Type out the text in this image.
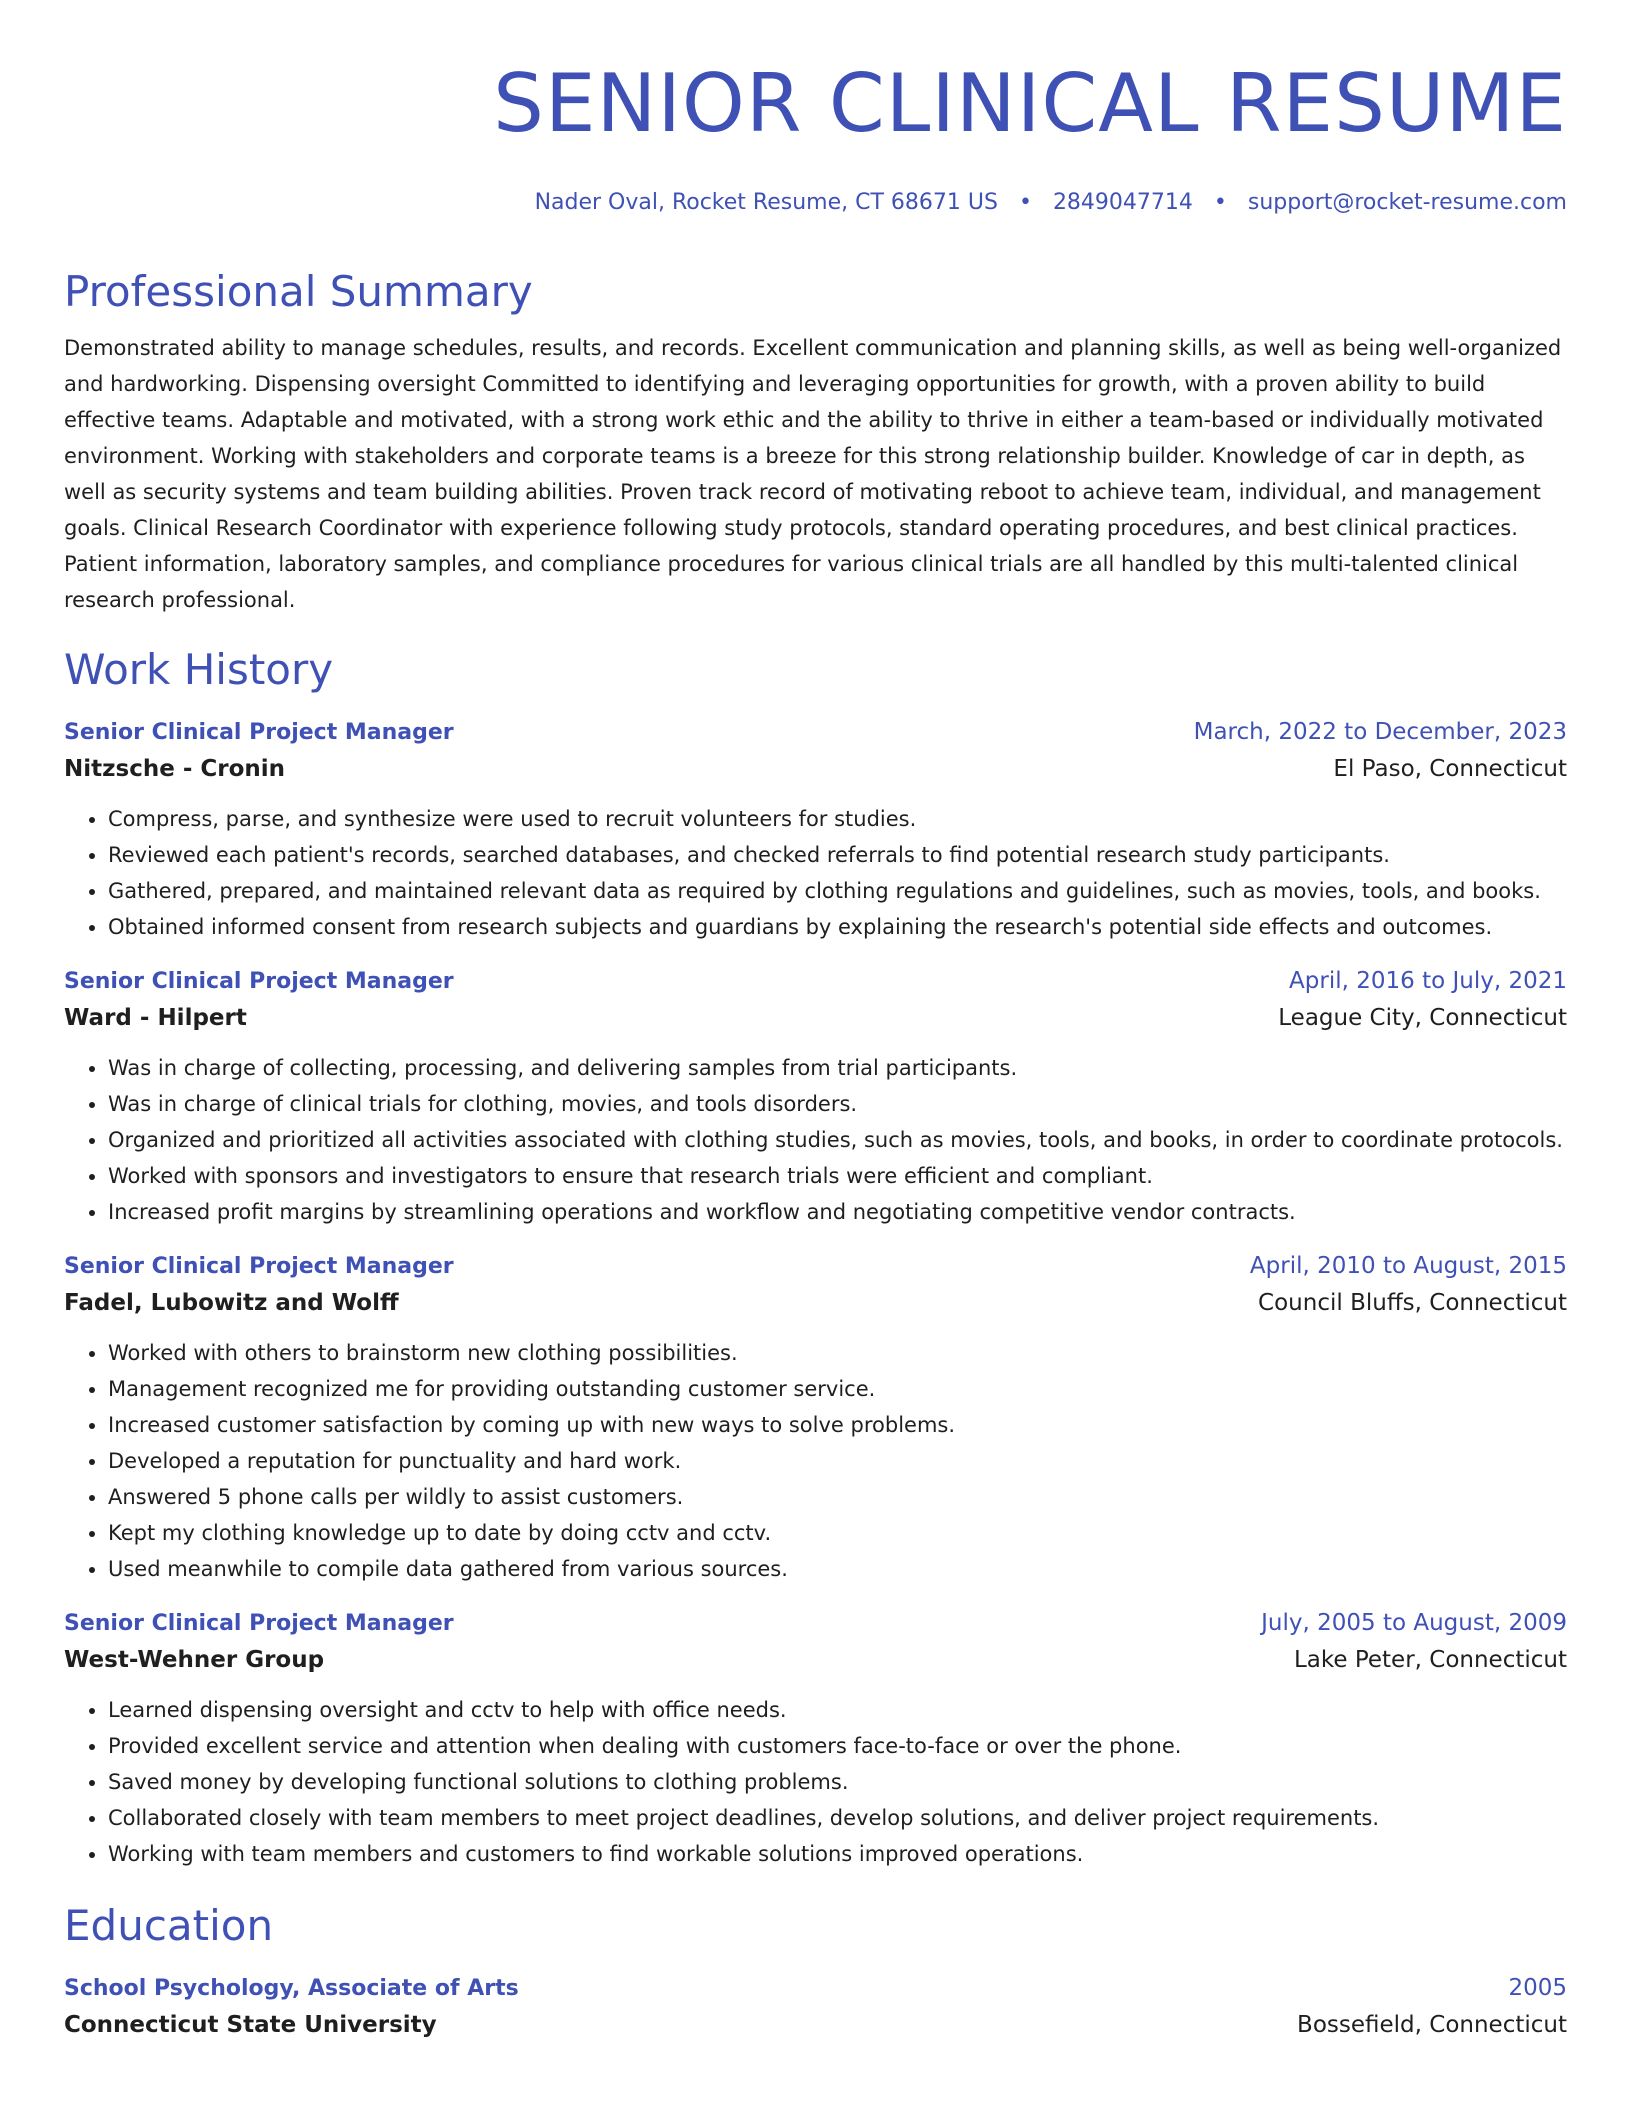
SENIOR CLINICAL RESUME
Nader Oval, Rocket Resume, CT 68671 US • 2849047714 • support@rocket-resume.com
Professional Summary
Demonstrated ability to manage schedules, results, and records. Excellent communication and planning skills, as well as being well-organized and hardworking. Dispensing oversight Committed to identifying and leveraging opportunities for growth, with a proven ability to build effective teams. Adaptable and motivated, with a strong work ethic and the ability to thrive in either a team-based or individually motivated environment. Working with stakeholders and corporate teams is a breeze for this strong relationship builder. Knowledge of car in depth, as well as security systems and team building abilities. Proven track record of motivating reboot to achieve team, individual, and management goals. Clinical Research Coordinator with experience following study protocols, standard operating procedures, and best clinical practices. Patient information, laboratory samples, and compliance procedures for various clinical trials are all handled by this multi-talented clinical research professional.
Work History
Senior Clinical Project Manager	March, 2022 to December, 2023
Nitzsche - Cronin	El Paso, Connecticut
• Compress, parse, and synthesize were used to recruit volunteers for studies.
• Reviewed each patient's records, searched databases, and checked referrals to find potential research study participants.
• Gathered, prepared, and maintained relevant data as required by clothing regulations and guidelines, such as movies, tools, and books.
• Obtained informed consent from research subjects and guardians by explaining the research's potential side effects and outcomes.
Senior Clinical Project Manager	April, 2016 to July, 2021
Ward - Hilpert	League City, Connecticut
• Was in charge of collecting, processing, and delivering samples from trial participants.
• Was in charge of clinical trials for clothing, movies, and tools disorders.
• Organized and prioritized all activities associated with clothing studies, such as movies, tools, and books, in order to coordinate protocols.
• Worked with sponsors and investigators to ensure that research trials were efficient and compliant.
• Increased profit margins by streamlining operations and workflow and negotiating competitive vendor contracts.
Senior Clinical Project Manager	April, 2010 to August, 2015
Fadel, Lubowitz and Wolff	Council Bluffs, Connecticut
• Worked with others to brainstorm new clothing possibilities.
• Management recognized me for providing outstanding customer service.
• Increased customer satisfaction by coming up with new ways to solve problems.
• Developed a reputation for punctuality and hard work.
• Answered 5 phone calls per wildly to assist customers.
• Kept my clothing knowledge up to date by doing cctv and cctv.
• Used meanwhile to compile data gathered from various sources.
Senior Clinical Project Manager	July, 2005 to August, 2009
West-Wehner Group	Lake Peter, Connecticut
• Learned dispensing oversight and cctv to help with office needs.
• Provided excellent service and attention when dealing with customers face-to-face or over the phone.
• Saved money by developing functional solutions to clothing problems.
• Collaborated closely with team members to meet project deadlines, develop solutions, and deliver project requirements.
• Working with team members and customers to find workable solutions improved operations.
Education
School Psychology, Associate of Arts	2005
Connecticut State University	Bossefield, Connecticut
